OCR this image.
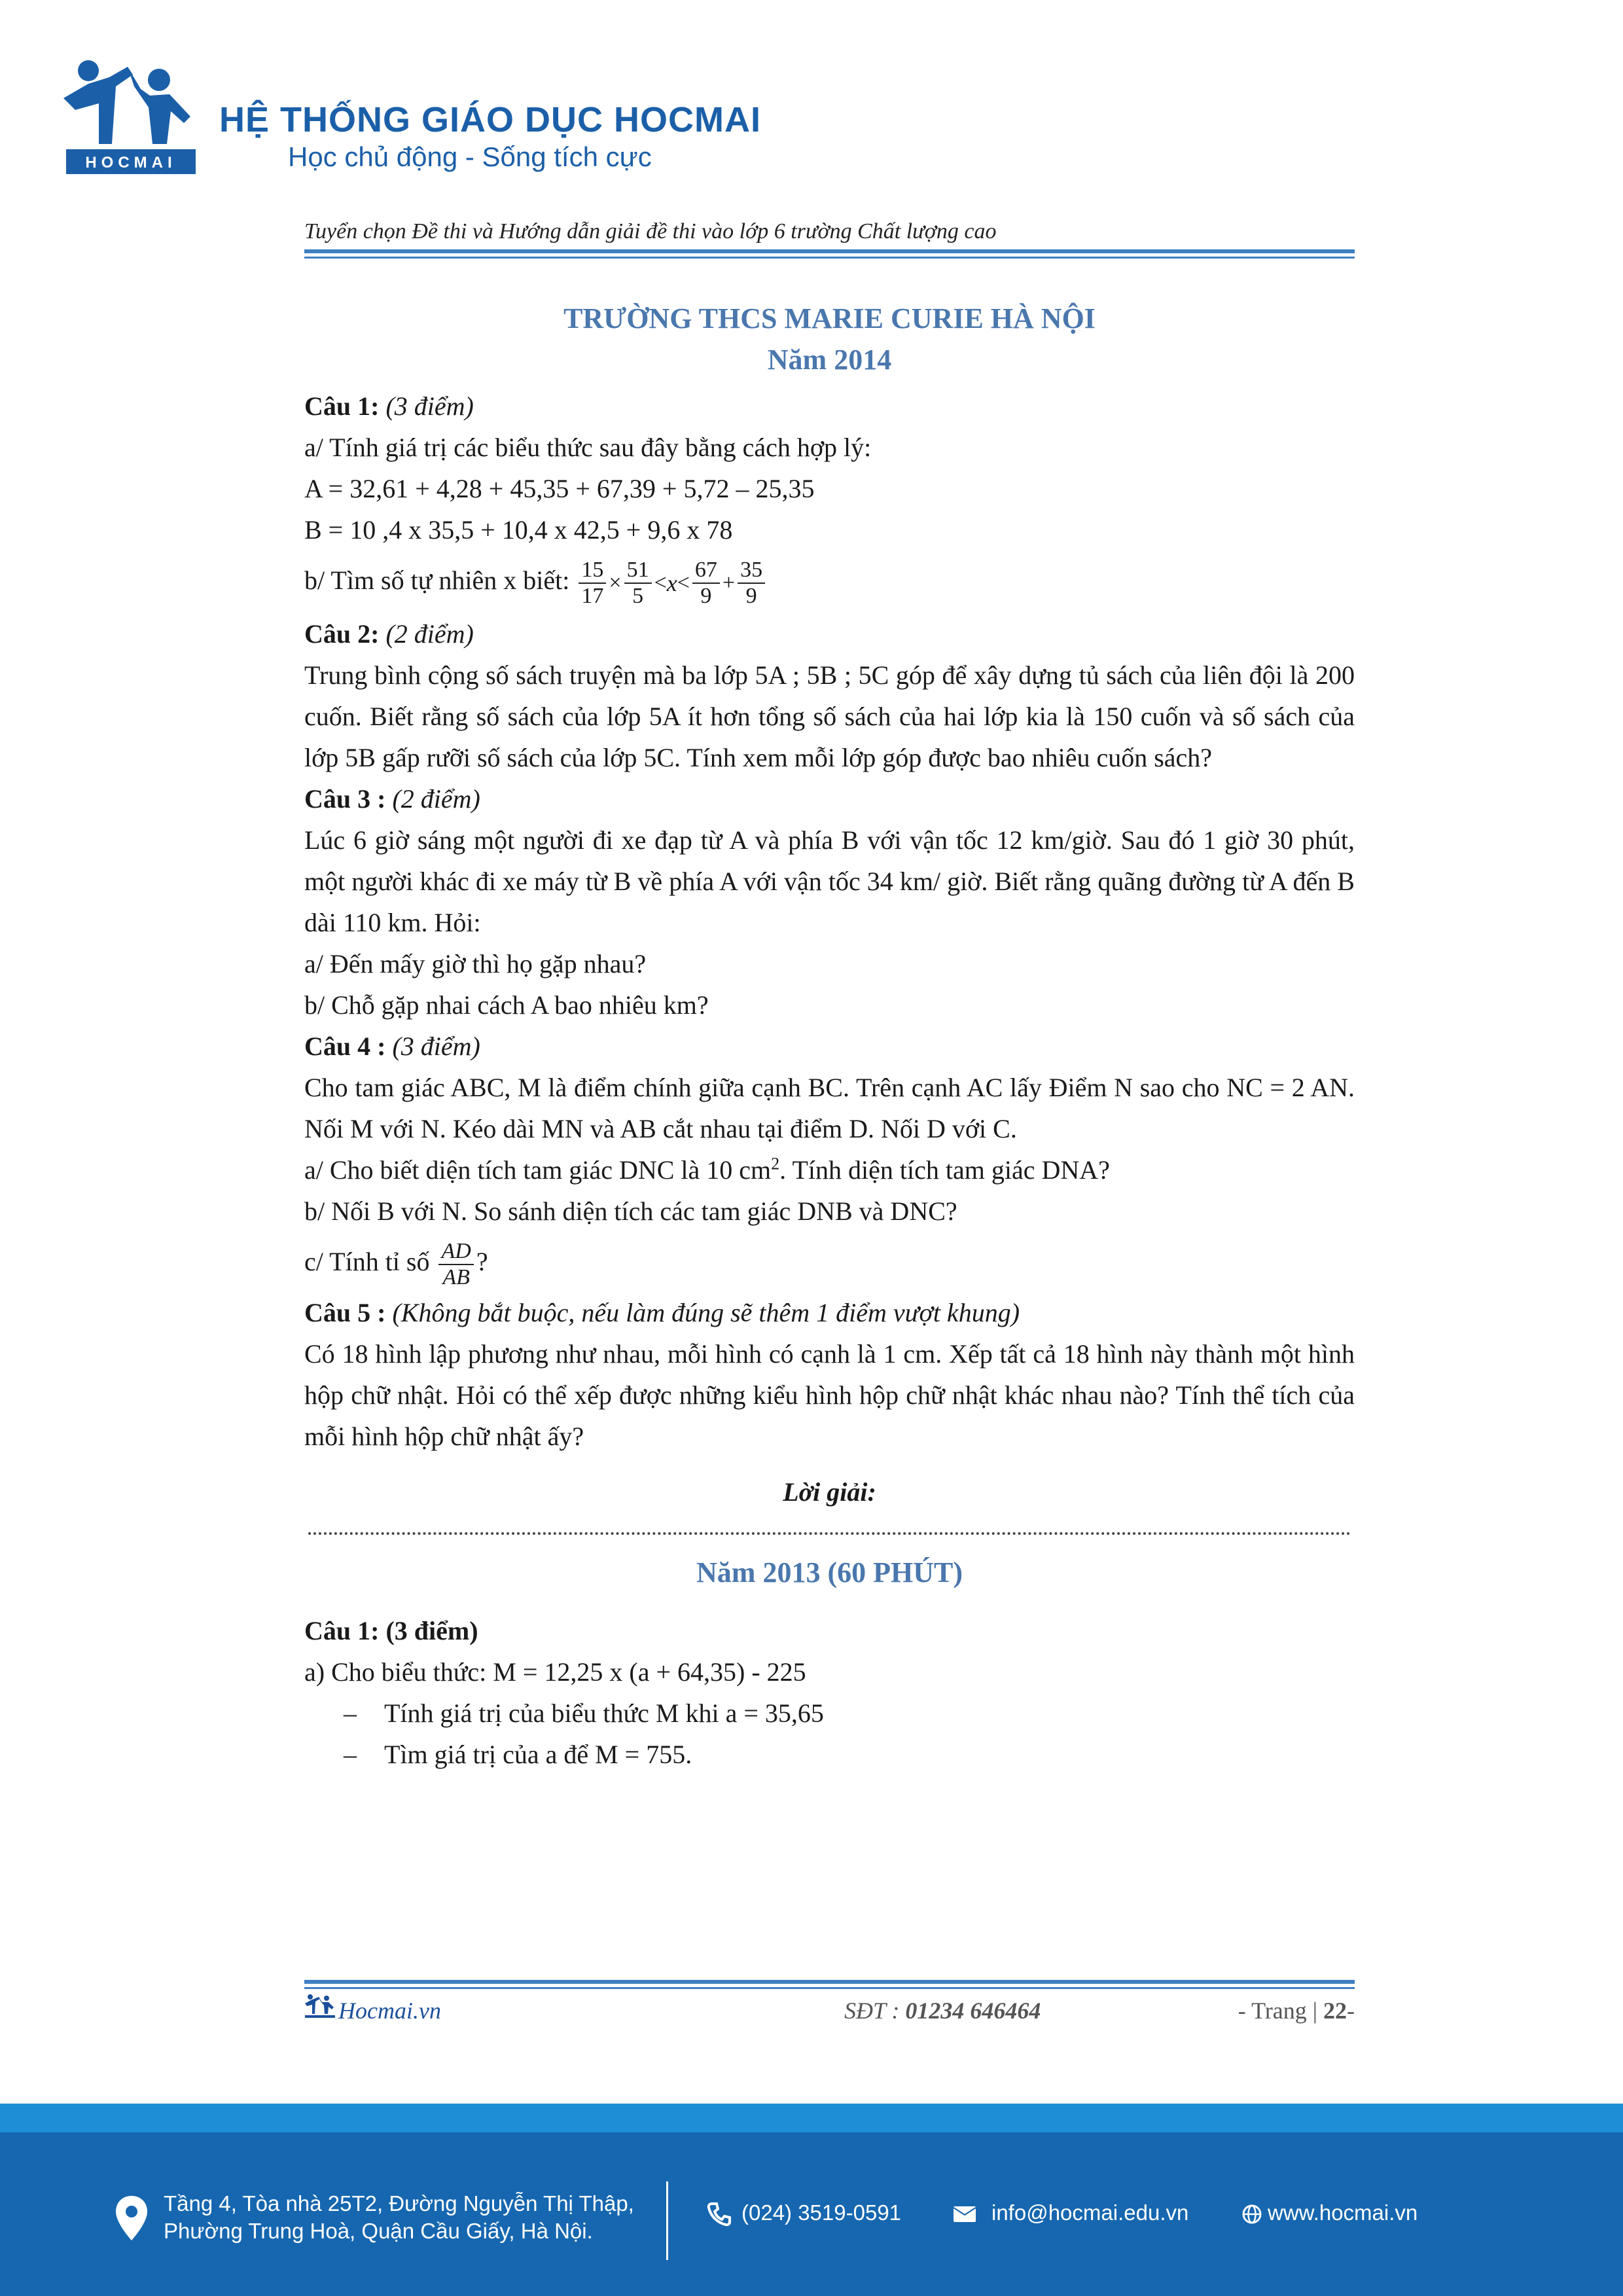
HOCMAI
HỆ THỐNG GIÁO DỤC HOCMAI

Học chủ động - Sống tích cực

Tuyển chọn Đề thi và Hướng dẫn giải đề thi vào lớp 6 trường Chất lượng cao
TRƯỜNG THCS MARIE CURIE HÀ NỘI
Năm 2014

Câu 1: (3 điểm)

a/ Tính giá trị các biểu thức sau đây bằng cách hợp lý:

A = 32,61 + 4,28 + 45,35 + 67,39 + 5,72 – 25,35

B = 10 ,4 x 35,5 + 10,4 x 42,5 + 9,6 x 78

b/ Tìm số tự nhiên x biết: $\frac{15}{17} \times \frac{51}{5} <x< \frac{67}{9} + \frac{35}{9}$

Câu 2: (2 điểm)

Trung bình cộng số sách truyện mà ba lớp 5A ; 5B ; 5C góp để xây dựng tủ sách của liên đội là 200 cuốn. Biết rằng số sách của lớp 5A ít hơn tổng số sách của hai lớp kia là 150 cuốn và số sách của lớp 5B gấp rưỡi số sách của lớp 5C. Tính xem mỗi lớp góp được bao nhiêu cuốn sách?

Câu 3 : (2 điểm)

Lúc 6 giờ sáng một người đi xe đạp từ A và phía B với vận tốc 12 km/giờ. Sau đó 1 giờ 30 phút, một người khác đi xe máy từ B về phía A với vận tốc 34 km/ giờ. Biết rằng quãng đường từ A đến B dài 110 km. Hỏi:

a/ Đến mấy giờ thì họ gặp nhau?

b/ Chỗ gặp nhai cách A bao nhiêu km?

Câu 4 : (3 điểm)

Cho tam giác ABC, M là điểm chính giữa cạnh BC. Trên cạnh AC lấy Điểm N sao cho NC = 2 AN. Nối M với N. Kéo dài MN và AB cắt nhau tại điểm D. Nối D với C.

a/ Cho biết diện tích tam giác DNC là 10 $cm^2$. Tính diện tích tam giác DNA?

b/ Nối B với N. So sánh diện tích các tam giác DNB và DNC?

c/ Tính tỉ số $\frac{AD}{AB}$ ?

Câu 5 : (Không bắt buộc, nếu làm đúng sẽ thêm 1 điểm vượt khung)

Có 18 hình lập phương như nhau, mỗi hình có cạnh là 1 cm. Xếp tất cả 18 hình này thành một hình hộp chữ nhật. Hỏi có thể xếp được những kiểu hình hộp chữ nhật khác nhau nào? Tính thể tích của mỗi hình hộp chữ nhật ấy?

Lời giải:

Năm 2013 (60 PHÚT)

Câu 1: (3 điểm)

a) Cho biểu thức: M = 12,25 x (a + 64,35) - 225

– Tính giá trị của biểu thức M khi a = 35,65

– Tìm giá trị của a để M = 755.

Hocmai.vn	SĐT : 01234 646464	- Trang | 22-
Tầng 4, Tòa nhà 25T2, Đường Nguyễn Thị Thập,
Phường Trung Hoà, Quận Cầu Giấy, Hà Nội.
(024) 3519-0591	info@hocmai.edu.vn	www.hocmai.vn
